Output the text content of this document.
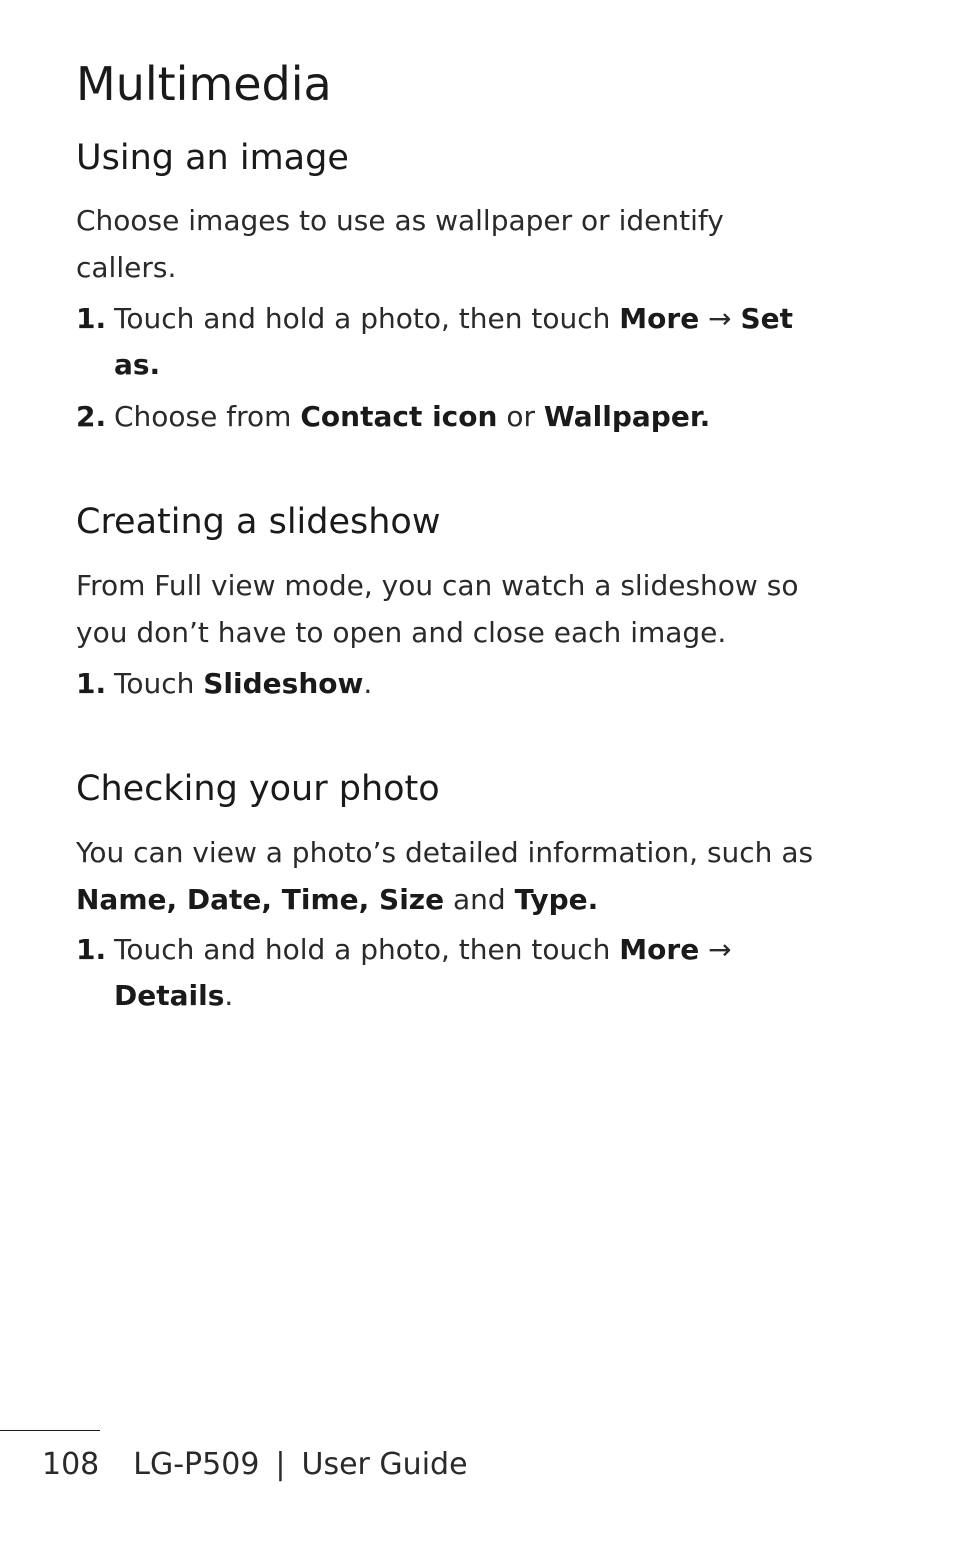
Multimedia
Using an image

Choose images to use as wallpaper or identify callers.

1. Touch and hold a photo, then touch More → Set as.
2. Choose from Contact icon or Wallpaper.
Creating a slideshow

From Full view mode, you can watch a slideshow so you don’t have to open and close each image.

1. Touch Slideshow.
Checking your photo

You can view a photo’s detailed information, such as Name, Date, Time, Size and Type.

1. Touch and hold a photo, then touch More → Details.
108 LG-P509 | User Guide
